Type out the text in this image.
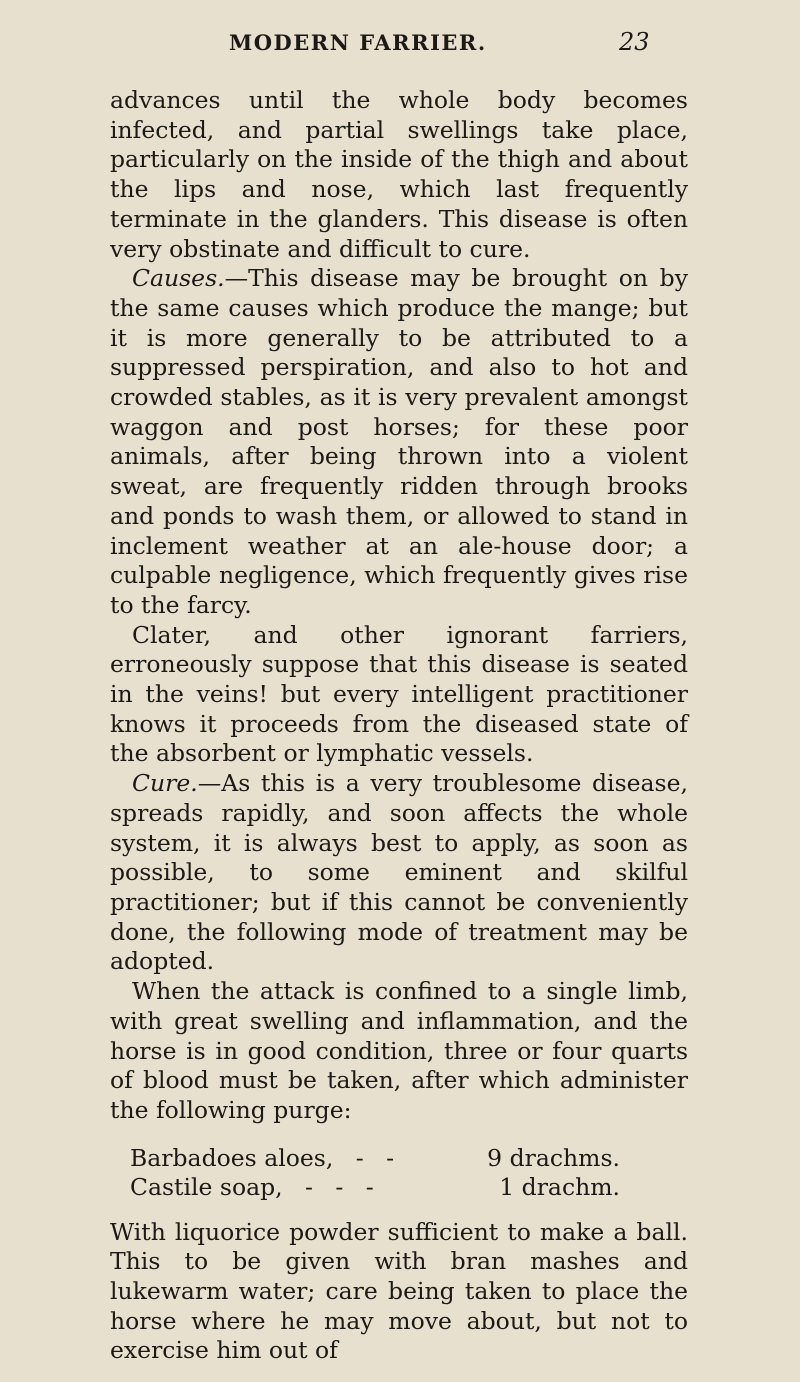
MODERN FARRIER.	23

advances until the whole body becomes infected, and partial swellings take place, particularly on the inside of the thigh and about the lips and nose, which last frequently terminate in the glanders. This disease is often very obstinate and difficult to cure.

Causes.—This disease may be brought on by the same causes which produce the mange; but it is more generally to be attributed to a suppressed perspiration, and also to hot and crowded stables, as it is very prevalent amongst waggon and post horses; for these poor animals, after being thrown into a violent sweat, are frequently ridden through brooks and ponds to wash them, or allowed to stand in inclement weather at an ale-house door; a culpable negligence, which frequently gives rise to the farcy.

Clater, and other ignorant farriers, erroneously suppose that this disease is seated in the veins! but every intelligent practitioner knows it proceeds from the diseased state of the absorbent or lymphatic vessels.

Cure.—As this is a very troublesome disease, spreads rapidly, and soon affects the whole system, it is always best to apply, as soon as possible, to some eminent and skilful practitioner; but if this cannot be conveniently done, the following mode of treatment may be adopted.

When the attack is confined to a single limb, with great swelling and inflammation, and the horse is in good condition, three or four quarts of blood must be taken, after which administer the following purge:

Barbadoes aloes,   -   -	9 drachms.
Castile soap,   -   -   -	1 drachm.

With liquorice powder sufficient to make a ball. This to be given with bran mashes and lukewarm water; care being taken to place the horse where he may move about, but not to exercise him out of
